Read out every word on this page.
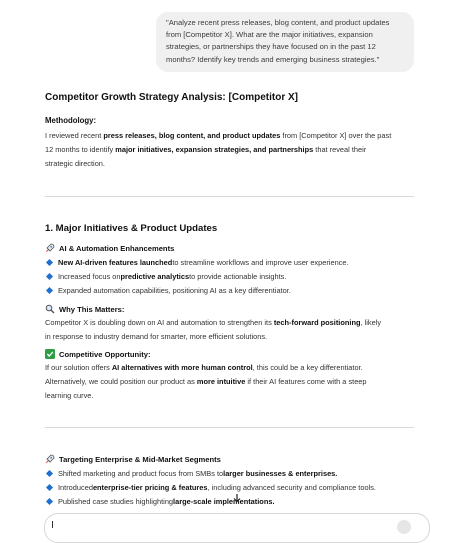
"Analyze recent press releases, blog content, and product updates
from [Competitor X]. What are the major initiatives, expansion
strategies, or partnerships they have focused on in the past 12
months? Identify key trends and emerging business strategies."
Competitor Growth Strategy Analysis: [Competitor X]
Methodology:
I reviewed recent press releases, blog content, and product updates from [Competitor X] over the past
12 months to identify major initiatives, expansion strategies, and partnerships that reveal their
strategic direction.
1. Major Initiatives & Product Updates
AI & Automation Enhancements
New AI-driven features launched to streamline workflows and improve user experience.
Increased focus on predictive analytics to provide actionable insights.
Expanded automation capabilities, positioning AI as a key differentiator.
Why This Matters:
Competitor X is doubling down on AI and automation to strengthen its tech-forward positioning, likely
in response to industry demand for smarter, more efficient solutions.
Competitive Opportunity:
If our solution offers AI alternatives with more human control, this could be a key differentiator.
Alternatively, we could position our product as more intuitive if their AI features come with a steep
learning curve.
Targeting Enterprise & Mid-Market Segments
Shifted marketing and product focus from SMBs to larger businesses & enterprises.
Introduced enterprise-tier pricing & features , including advanced security and compliance tools.
Published case studies highlighting large-scale implementations.
